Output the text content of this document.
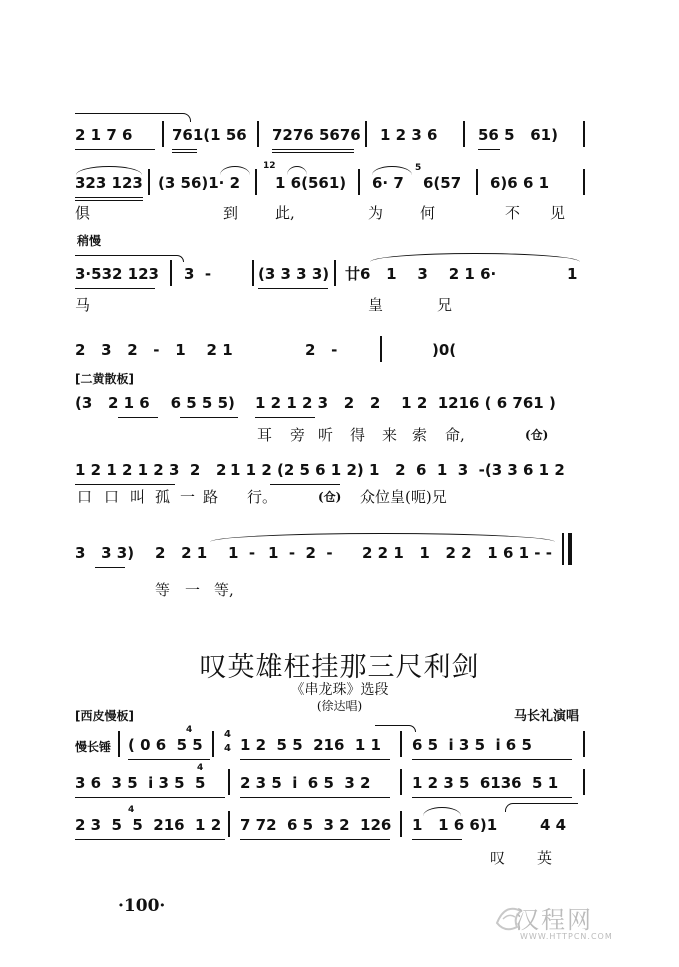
2 1 7 6	761(1 56 7276 5676 1 2 3 6	56 5   61)
323 123 (3 56)1· 2
12
1 6(561) 6· 7
5
6(57 6)6 6 1
俱	到 此,	为 何	不 见
稍慢
3·532 123 3  -	(3 3 3 3) 廿6   1    3    2 1 6·	1
马	皇	兄
2   3   2   -   1    2 1	2   -	)0(
[二黄散板]
(3   2 1 6    6 5 5 5) 1 2 1 2 3   2   2    1 2  1216 ( 6 761 )
耳 旁 听 得 来 索 命,	(仓)
1 2 1 2 1 2 3  2   2 1 1 2 (2 5 6 1 2) 1   2  6  1  3  -(3 3 6 1 2
口 口 叫 孤 一 路 行。	(仓) 众位皇(呃)兄
3   3 3) 2   2 1 1  - 1  -  2  - 2 2 1   1   2 2   1 6 1 - -
等 一 等,
叹英雄枉挂那三尺利剑
《串龙珠》选段
(徐达唱)
马长礼演唱
[西皮慢板]
慢长锤 ( 0 6  5 5
4	4
4 1 2  5 5  216  1 1 6 5  i 3 5  i 6 5
3 6  3 5  i 3 5  5
4
2 3 5  i  6 5  3 2	1 2 3 5  6136  5 1
2 3  5  5  216  1 2
4
7 72  6 5  3 2  126 1   1 6 6)1	4 4
叹 英
·100·	汉程网
WWW.HTTPCN.COM
